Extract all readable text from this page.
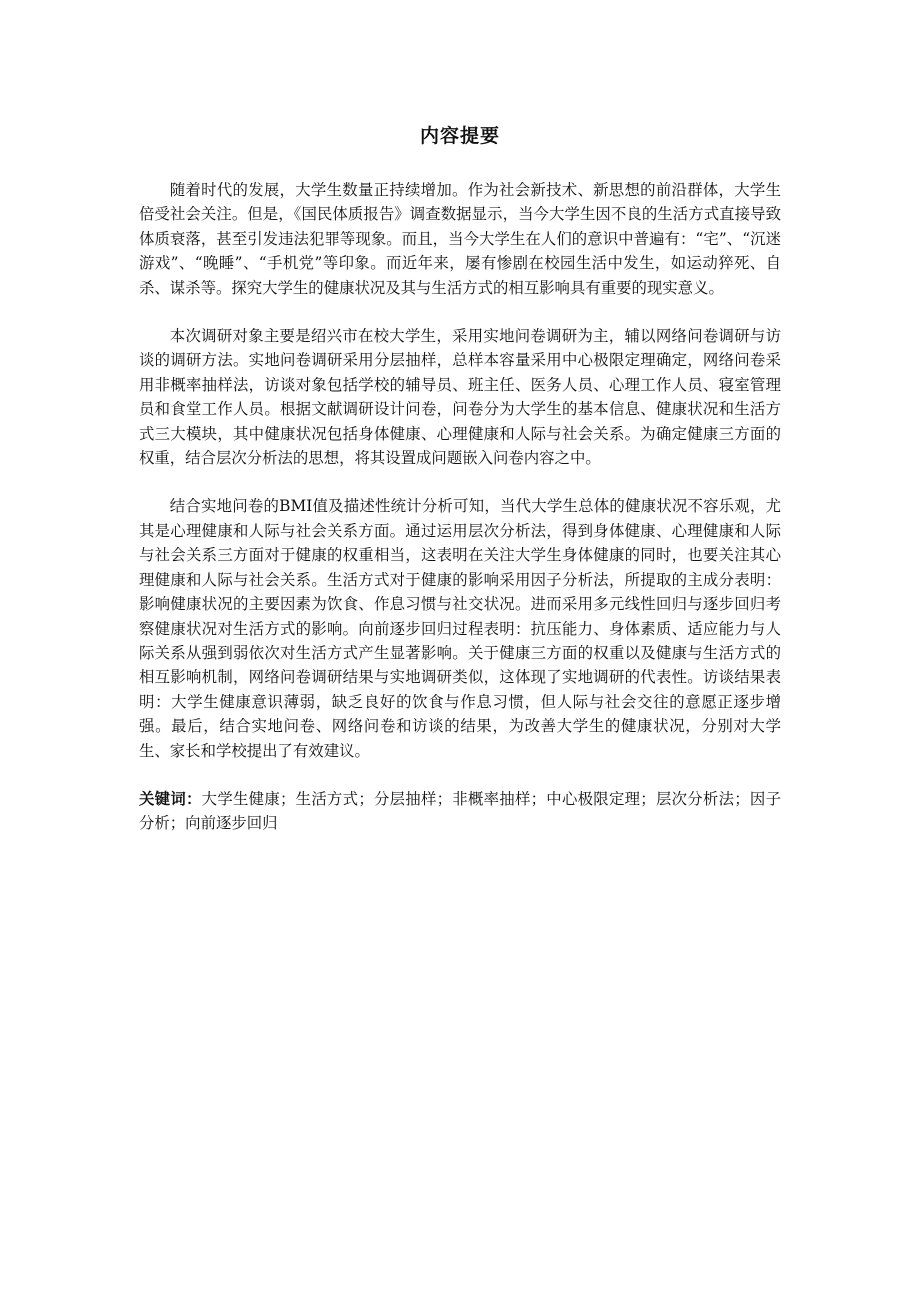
内容提要

随着时代的发展，大学生数量正持续增加。作为社会新技术、新思想的前沿群体，大学生倍受社会关注。但是，《国民体质报告》调查数据显示，当今大学生因不良的生活方式直接导致体质衰落，甚至引发违法犯罪等现象。而且，当今大学生在人们的意识中普遍有：“宅”、“沉迷游戏”、“晚睡”、“手机党”等印象。而近年来，屡有惨剧在校园生活中发生，如运动猝死、自杀、谋杀等。探究大学生的健康状况及其与生活方式的相互影响具有重要的现实意义。

本次调研对象主要是绍兴市在校大学生，采用实地问卷调研为主，辅以网络问卷调研与访谈的调研方法。实地问卷调研采用分层抽样，总样本容量采用中心极限定理确定，网络问卷采用非概率抽样法，访谈对象包括学校的辅导员、班主任、医务人员、心理工作人员、寝室管理员和食堂工作人员。根据文献调研设计问卷，问卷分为大学生的基本信息、健康状况和生活方式三大模块，其中健康状况包括身体健康、心理健康和人际与社会关系。为确定健康三方面的权重，结合层次分析法的思想，将其设置成问题嵌入问卷内容之中。

结合实地问卷的BMI值及描述性统计分析可知，当代大学生总体的健康状况不容乐观，尤其是心理健康和人际与社会关系方面。通过运用层次分析法，得到身体健康、心理健康和人际与社会关系三方面对于健康的权重相当，这表明在关注大学生身体健康的同时，也要关注其心理健康和人际与社会关系。生活方式对于健康的影响采用因子分析法，所提取的主成分表明：影响健康状况的主要因素为饮食、作息习惯与社交状况。进而采用多元线性回归与逐步回归考察健康状况对生活方式的影响。向前逐步回归过程表明：抗压能力、身体素质、适应能力与人际关系从强到弱依次对生活方式产生显著影响。关于健康三方面的权重以及健康与生活方式的相互影响机制，网络问卷调研结果与实地调研类似，这体现了实地调研的代表性。访谈结果表明：大学生健康意识薄弱，缺乏良好的饮食与作息习惯，但人际与社会交往的意愿正逐步增强。最后，结合实地问卷、网络问卷和访谈的结果，为改善大学生的健康状况，分别对大学生、家长和学校提出了有效建议。

关键词：大学生健康；生活方式；分层抽样；非概率抽样；中心极限定理；层次分析法；因子分析；向前逐步回归
